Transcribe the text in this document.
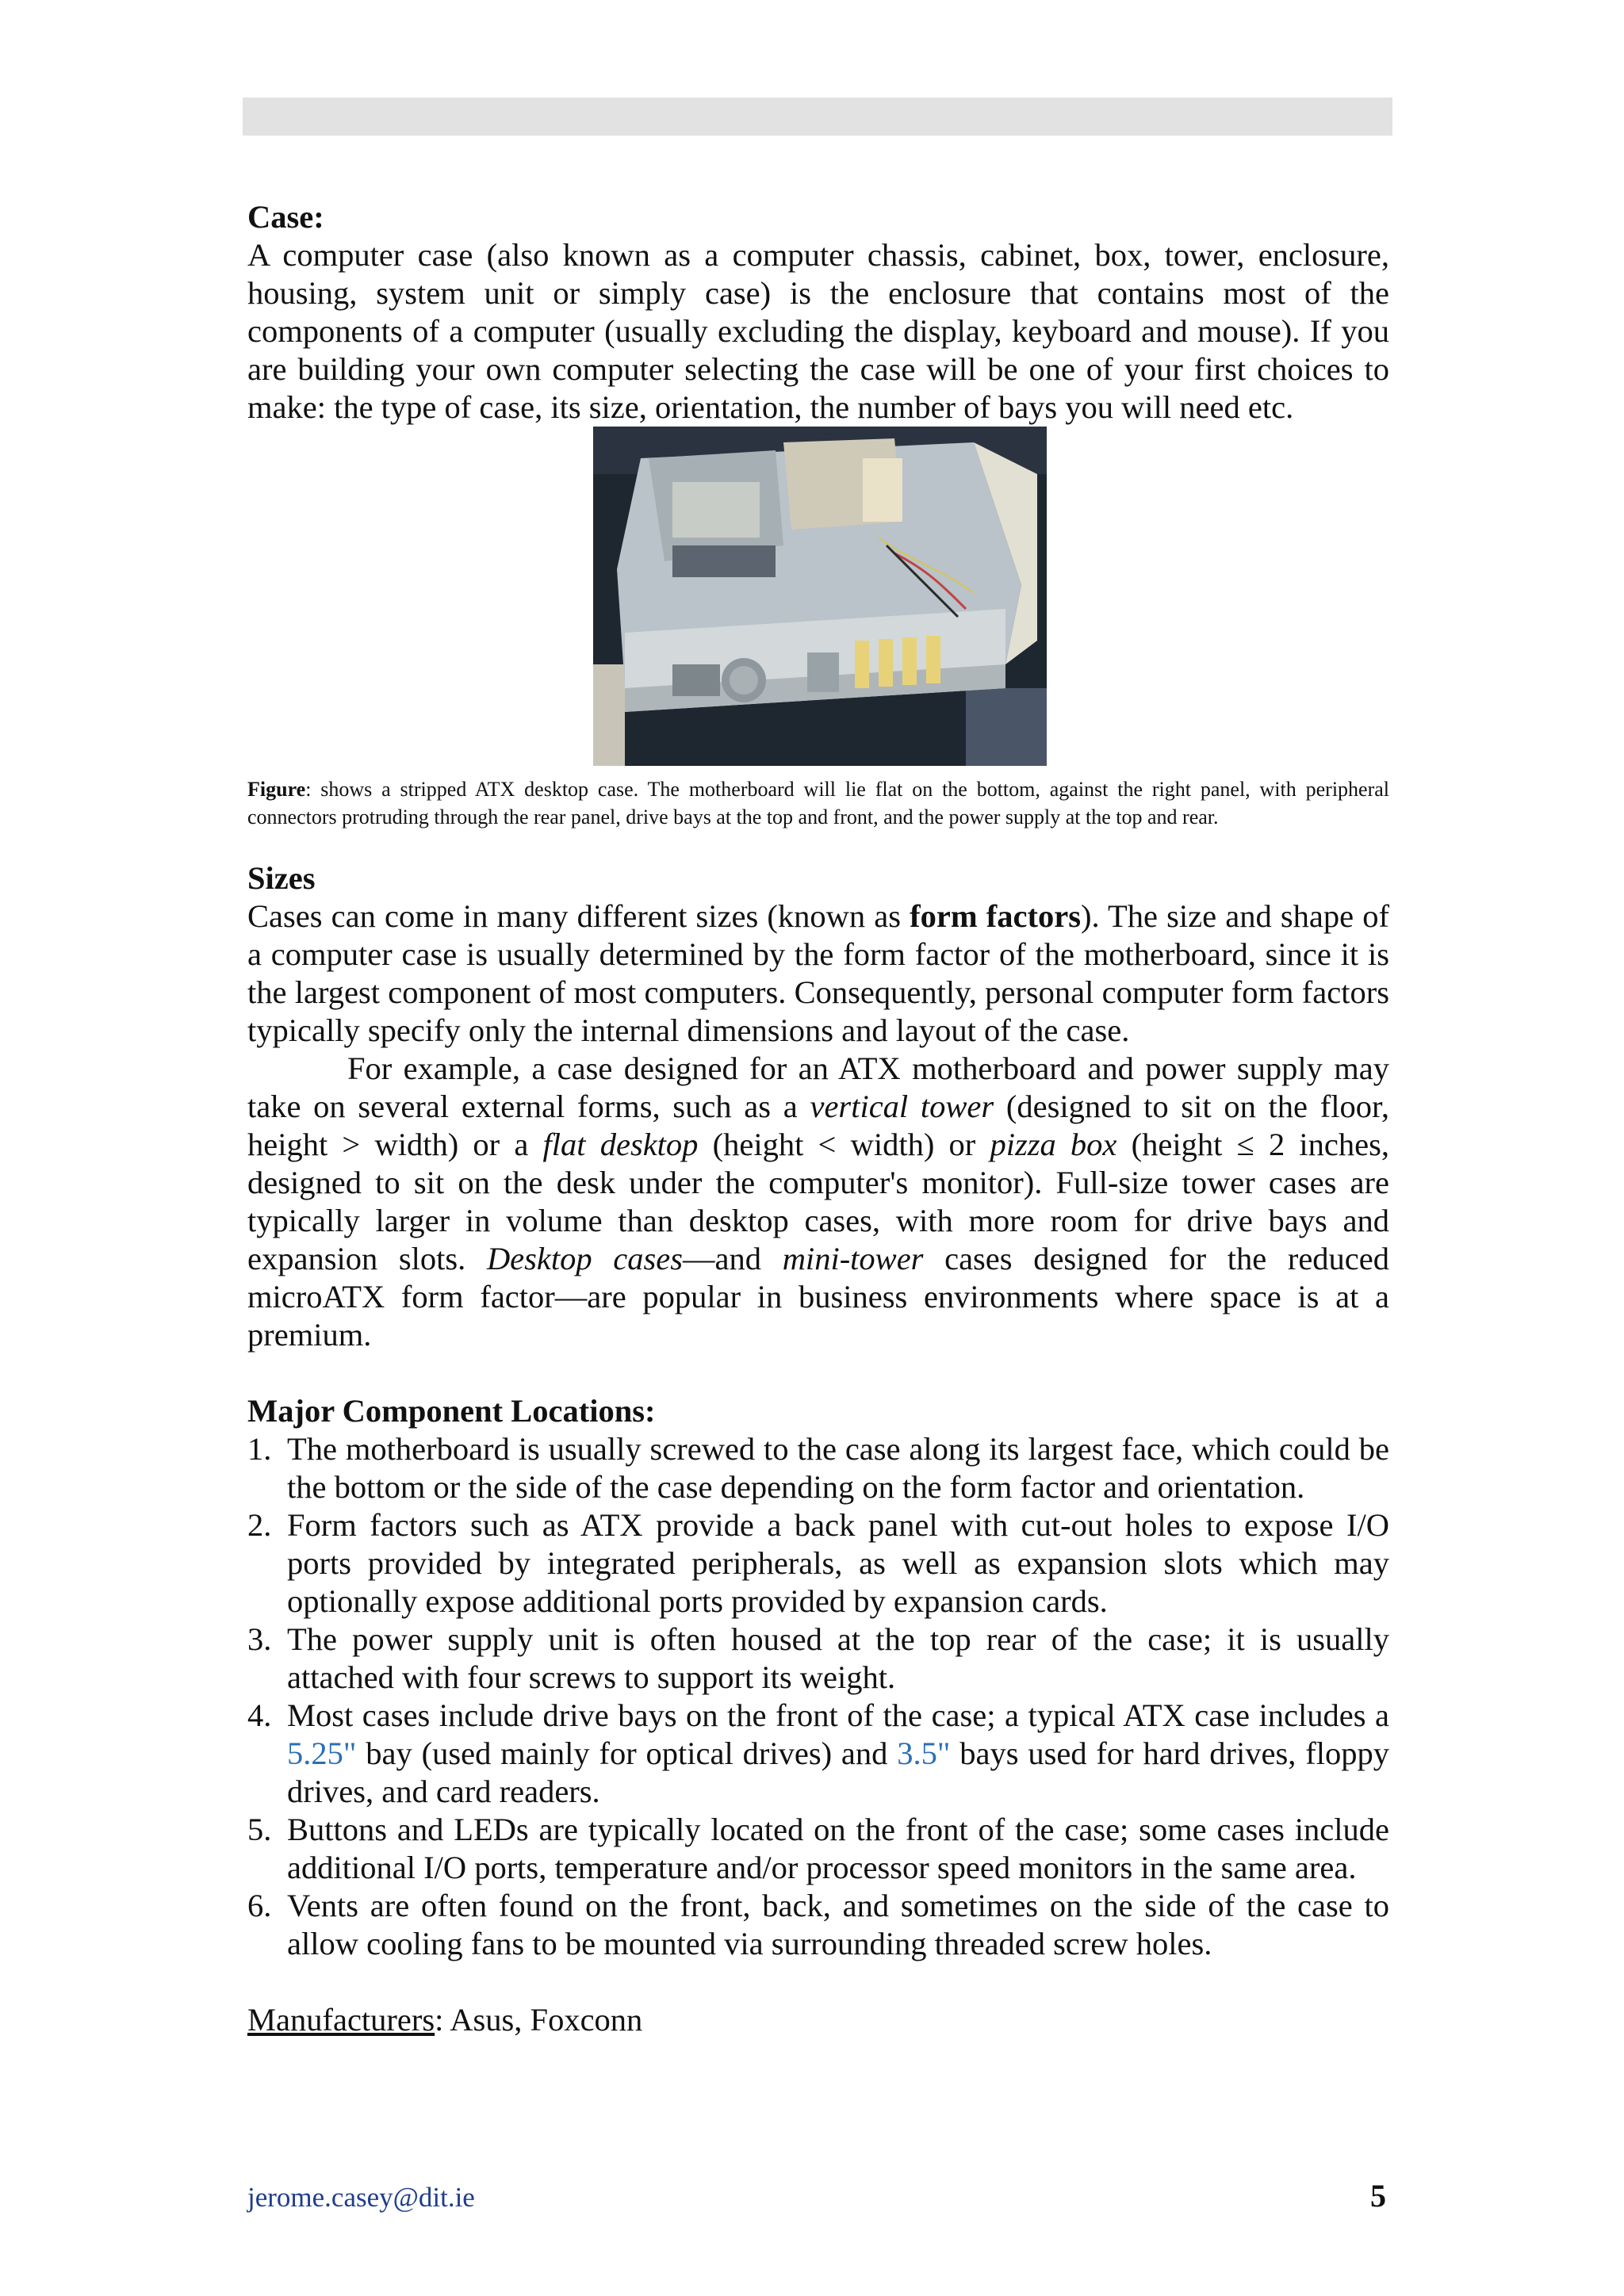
Case:

A computer case (also known as a computer chassis, cabinet, box, tower, enclosure, housing, system unit or simply case) is the enclosure that contains most of the components of a computer (usually excluding the display, keyboard and mouse). If you are building your own computer selecting the case will be one of your first choices to make: the type of case, its size, orientation, the number of bays you will need etc.

Figure: shows a stripped ATX desktop case. The motherboard will lie flat on the bottom, against the right panel, with peripheral connectors protruding through the rear panel, drive bays at the top and front, and the power supply at the top and rear.

Sizes

Cases can come in many different sizes (known as form factors). The size and shape of a computer case is usually determined by the form factor of the motherboard, since it is the largest component of most computers. Consequently, personal computer form factors typically specify only the internal dimensions and layout of the case.

For example, a case designed for an ATX motherboard and power supply may take on several external forms, such as a vertical tower (designed to sit on the floor, height > width) or a flat desktop (height < width) or pizza box (height ≤ 2 inches, designed to sit on the desk under the computer's monitor). Full-size tower cases are typically larger in volume than desktop cases, with more room for drive bays and expansion slots. Desktop cases—and mini-tower cases designed for the reduced microATX form factor—are popular in business environments where space is at a premium.

Major Component Locations:

1. The motherboard is usually screwed to the case along its largest face, which could be the bottom or the side of the case depending on the form factor and orientation.
2. Form factors such as ATX provide a back panel with cut-out holes to expose I/O ports provided by integrated peripherals, as well as expansion slots which may optionally expose additional ports provided by expansion cards.
3. The power supply unit is often housed at the top rear of the case; it is usually attached with four screws to support its weight.
4. Most cases include drive bays on the front of the case; a typical ATX case includes a 5.25" bay (used mainly for optical drives) and 3.5" bays used for hard drives, floppy drives, and card readers.
5. Buttons and LEDs are typically located on the front of the case; some cases include additional I/O ports, temperature and/or processor speed monitors in the same area.
6. Vents are often found on the front, back, and sometimes on the side of the case to allow cooling fans to be mounted via surrounding threaded screw holes.

Manufacturers: Asus, Foxconn

jerome.casey@dit.ie	5
